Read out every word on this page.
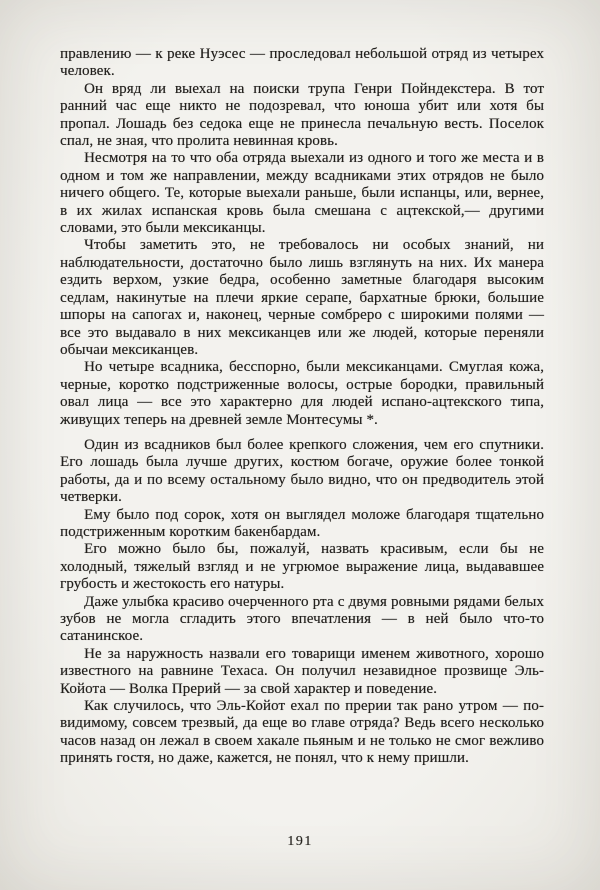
правлению — к реке Нуэсес — проследовал небольшой отряд из четырех человек.

Он вряд ли выехал на поиски трупа Генри Пойндекстера. В тот ранний час еще никто не подозревал, что юноша убит или хотя бы пропал. Лошадь без седока еще не принесла печальную весть. Поселок спал, не зная, что пролита невинная кровь.

Несмотря на то что оба отряда выехали из одного и того же места и в одном и том же направлении, между всадниками этих отрядов не было ничего общего. Те, которые выехали раньше, были испанцы, или, вернее, в их жилах испанская кровь была смешана с ацтекской,— другими словами, это были мексиканцы.

Чтобы заметить это, не требовалось ни особых знаний, ни наблюдательности, достаточно было лишь взглянуть на них. Их манера ездить верхом, узкие бедра, особенно заметные благодаря высоким седлам, накинутые на плечи яркие серапе, бархатные брюки, большие шпоры на сапогах и, наконец, черные сомбреро с широкими полями — все это выдавало в них мексиканцев или же людей, которые переняли обычаи мексиканцев.

Но четыре всадника, бесспорно, были мексиканцами. Смуглая кожа, черные, коротко подстриженные волосы, острые бородки, правильный овал лица — все это характерно для людей испано-ацтекского типа, живущих теперь на древней земле Монтесумы *.

Один из всадников был более крепкого сложения, чем его спутники. Его лошадь была лучше других, костюм богаче, оружие более тонкой работы, да и по всему остальному было видно, что он предводитель этой четверки.

Ему было под сорок, хотя он выглядел моложе благодаря тщательно подстриженным коротким бакенбардам.

Его можно было бы, пожалуй, назвать красивым, если бы не холодный, тяжелый взгляд и не угрюмое выражение лица, выдававшее грубость и жестокость его натуры.

Даже улыбка красиво очерченного рта с двумя ровными рядами белых зубов не могла сгладить этого впечатления — в ней было что-то сатанинское.

Не за наружность назвали его товарищи именем животного, хорошо известного на равнине Техаса. Он получил незавидное прозвище Эль-Койота — Волка Прерий — за свой характер и поведение.

Как случилось, что Эль-Койот ехал по прерии так рано утром — по-видимому, совсем трезвый, да еще во главе отряда? Ведь всего несколько часов назад он лежал в своем хакале пьяным и не только не смог вежливо принять гостя, но даже, кажется, не понял, что к нему пришли.

191
